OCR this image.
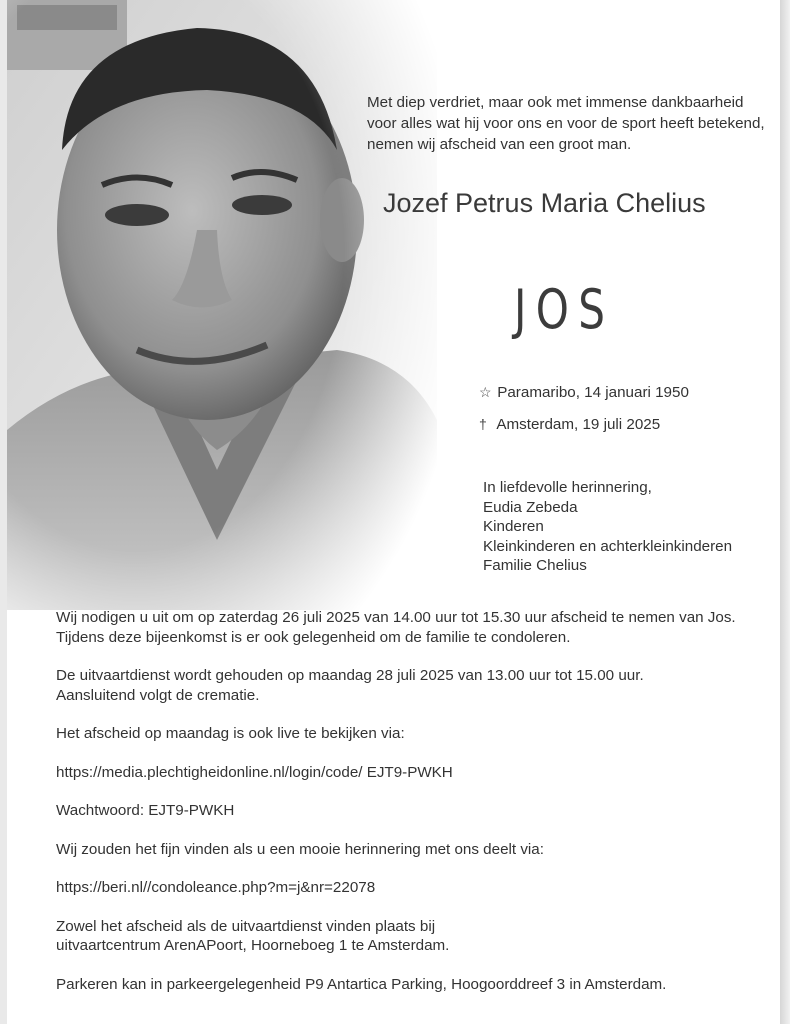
Met diep verdriet, maar ook met immense dankbaarheid
voor alles wat hij voor ons en voor de sport heeft betekend,
nemen wij afscheid van een groot man.
Jozef Petrus Maria Chelius
JOS
☆ Paramaribo, 14 januari 1950
† Amsterdam, 19 juli 2025
In liefdevolle herinnering,
Eudia Zebeda
Kinderen
Kleinkinderen en achterkleinkinderen
Familie Chelius

Wij nodigen u uit om op zaterdag 26 juli 2025 van 14.00 uur tot 15.30 uur afscheid te nemen van Jos.
Tijdens deze bijeenkomst is er ook gelegenheid om de familie te condoleren.

De uitvaartdienst wordt gehouden op maandag 28 juli 2025 van 13.00 uur tot 15.00 uur.
Aansluitend volgt de crematie.

Het afscheid op maandag is ook live te bekijken via:

https://media.plechtigheidonline.nl/login/code/ EJT9-PWKH

Wachtwoord: EJT9-PWKH

Wij zouden het fijn vinden als u een mooie herinnering met ons deelt via:

https://beri.nl//condoleance.php?m=j&nr=22078

Zowel het afscheid als de uitvaartdienst vinden plaats bij
uitvaartcentrum ArenAPoort, Hoorneboeg 1 te Amsterdam.

Parkeren kan in parkeergelegenheid P9 Antartica Parking, Hoogoorddreef 3 in Amsterdam.
